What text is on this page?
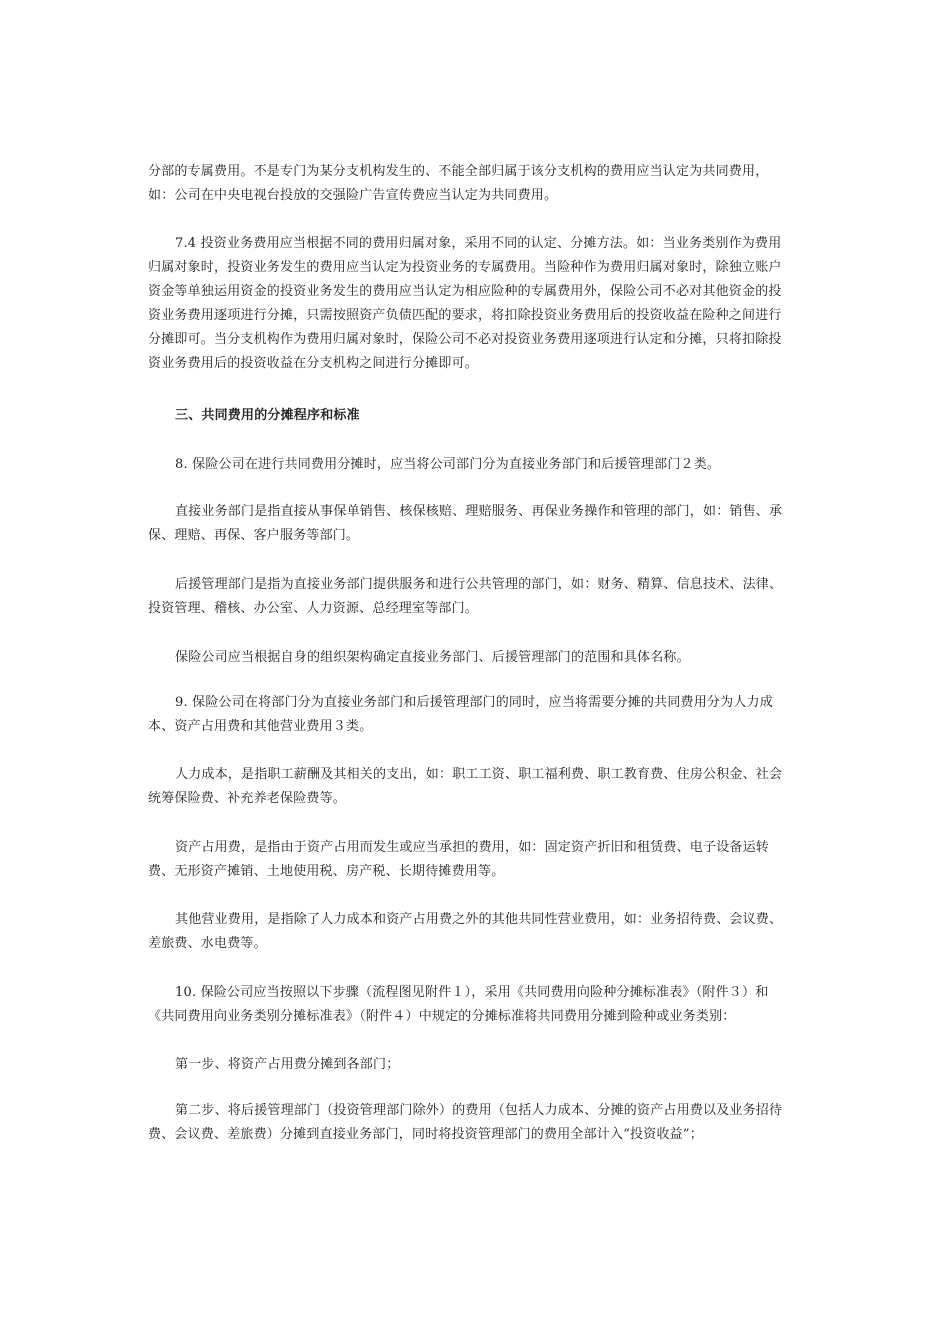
分部的专属费用。不是专门为某分支机构发生的、不能全部归属于该分支机构的费用应当认定为共同费用，
如：公司在中央电视台投放的交强险广告宣传费应当认定为共同费用。
7.4 投资业务费用应当根据不同的费用归属对象，采用不同的认定、分摊方法。如：当业务类别作为费用
归属对象时，投资业务发生的费用应当认定为投资业务的专属费用。当险种作为费用归属对象时，除独立账户
资金等单独运用资金的投资业务发生的费用应当认定为相应险种的专属费用外，保险公司不必对其他资金的投
资业务费用逐项进行分摊，只需按照资产负债匹配的要求，将扣除投资业务费用后的投资收益在险种之间进行
分摊即可。当分支机构作为费用归属对象时，保险公司不必对投资业务费用逐项进行认定和分摊，只将扣除投
资业务费用后的投资收益在分支机构之间进行分摊即可。
三、共同费用的分摊程序和标准
8. 保险公司在进行共同费用分摊时，应当将公司部门分为直接业务部门和后援管理部门２类。
直接业务部门是指直接从事保单销售、核保核赔、理赔服务、再保业务操作和管理的部门，如：销售、承
保、理赔、再保、客户服务等部门。
后援管理部门是指为直接业务部门提供服务和进行公共管理的部门，如：财务、精算、信息技术、法律、
投资管理、稽核、办公室、人力资源、总经理室等部门。
保险公司应当根据自身的组织架构确定直接业务部门、后援管理部门的范围和具体名称。
9. 保险公司在将部门分为直接业务部门和后援管理部门的同时，应当将需要分摊的共同费用分为人力成
本、资产占用费和其他营业费用３类。
人力成本，是指职工薪酬及其相关的支出，如：职工工资、职工福利费、职工教育费、住房公积金、社会
统筹保险费、补充养老保险费等。
资产占用费，是指由于资产占用而发生或应当承担的费用，如：固定资产折旧和租赁费、电子设备运转
费、无形资产摊销、土地使用税、房产税、长期待摊费用等。
其他营业费用，是指除了人力成本和资产占用费之外的其他共同性营业费用，如：业务招待费、会议费、
差旅费、水电费等。
10. 保险公司应当按照以下步骤（流程图见附件１），采用《共同费用向险种分摊标准表》（附件３）和
《共同费用向业务类别分摊标准表》（附件４）中规定的分摊标准将共同费用分摊到险种或业务类别：
第一步、将资产占用费分摊到各部门；
第二步、将后援管理部门（投资管理部门除外）的费用（包括人力成本、分摊的资产占用费以及业务招待
费、会议费、差旅费）分摊到直接业务部门，同时将投资管理部门的费用全部计入“投资收益”；
